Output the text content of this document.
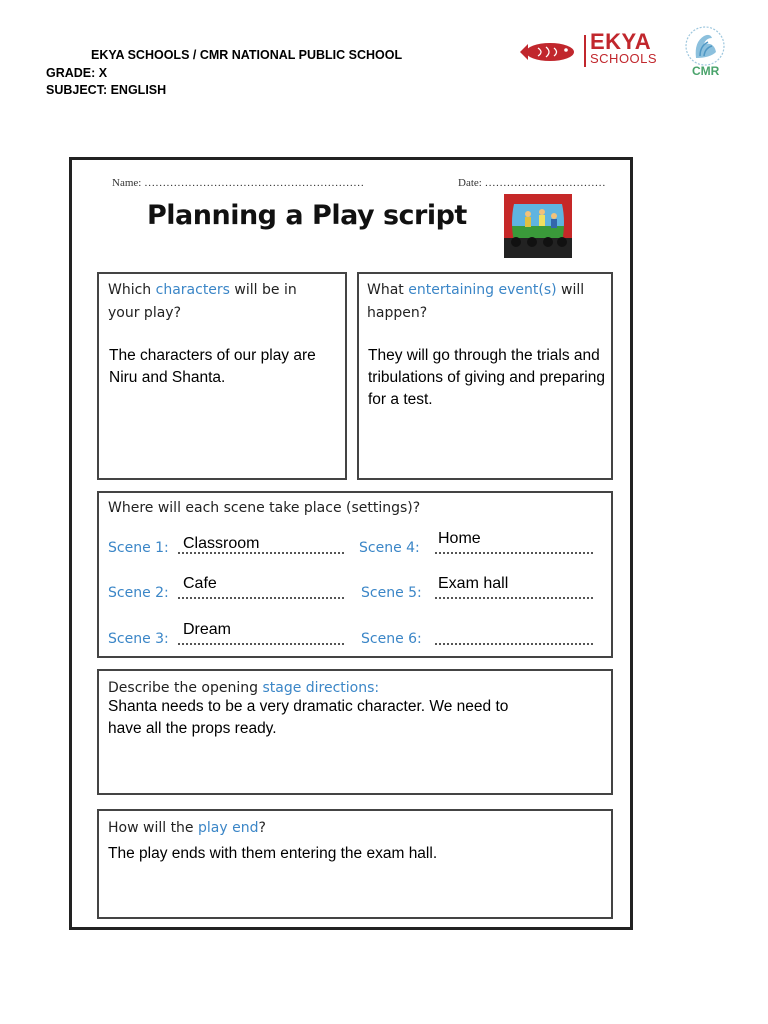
EKYA SCHOOLS / CMR NATIONAL PUBLIC SCHOOL
GRADE: X
SUBJECT: ENGLISH
EKYA
SCHOOLS
CMR
Name: ……………………………………………………	Date: ……………………………
Planning a Play script
Which characters will be in your play?
The characters of our play are Niru and Shanta.
What entertaining event(s) will happen?
They will go through the trials and tribulations of giving and preparing for a test.
Where will each scene take place (settings)?
Scene 1: Classroom
Scene 2:
Cafe
Scene 3:
Dream
Scene 4:
Home
Scene 5:
Exam hall
Scene 6:
Describe the opening stage directions:
Shanta needs to be a very dramatic character. We need to have all the props ready.
How will the play end?
The play ends with them entering the exam hall.
